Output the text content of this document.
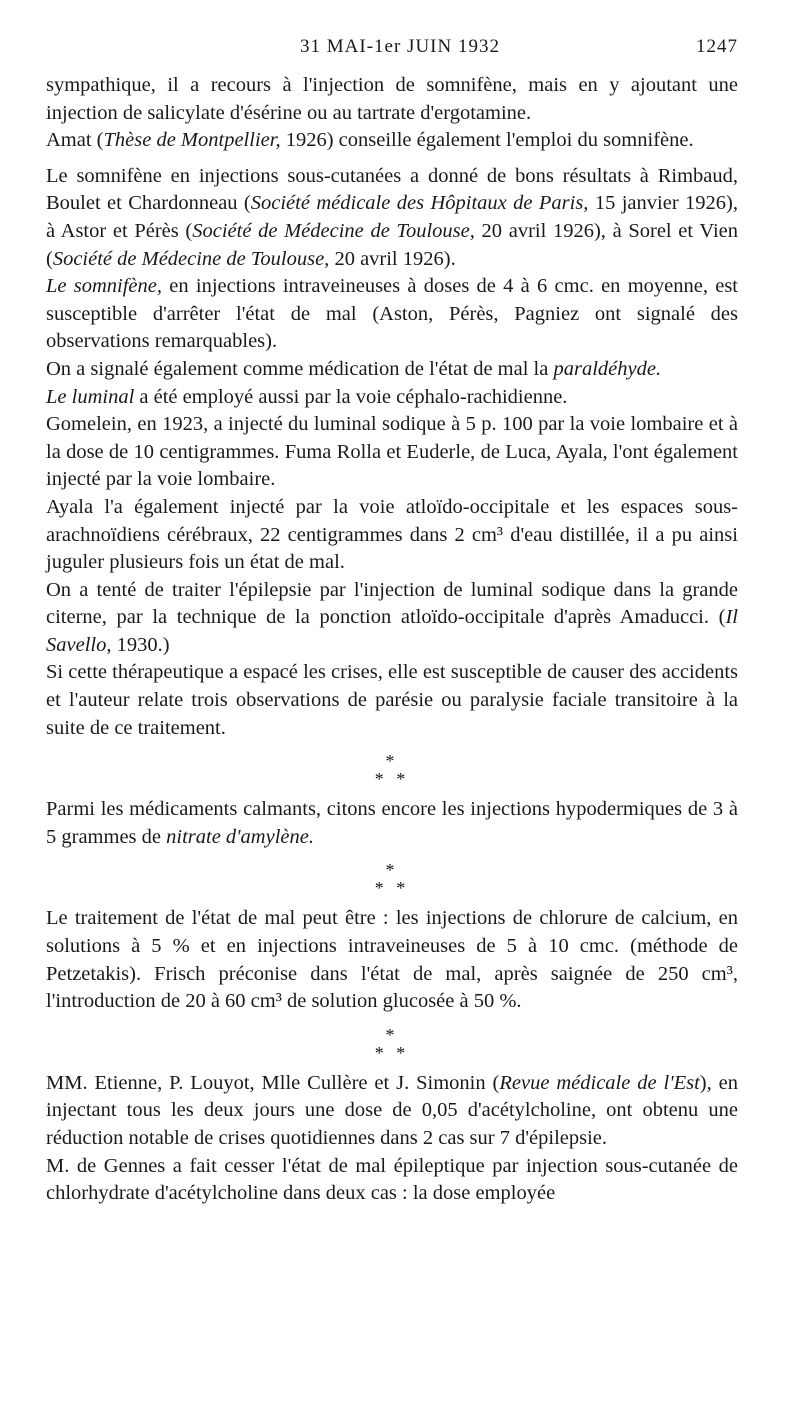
31 MAI-1er JUIN 1932	1247

sympathique, il a recours à l'injection de somnifène, mais en y ajoutant une injection de salicylate d'ésérine ou au tartrate d'ergotamine.

Amat (Thèse de Montpellier, 1926) conseille également l'emploi du somnifène.

Le somnifène en injections sous-cutanées a donné de bons résultats à Rimbaud, Boulet et Chardonneau (Société médicale des Hôpitaux de Paris, 15 janvier 1926), à Astor et Pérès (Société de Médecine de Toulouse, 20 avril 1926), à Sorel et Vien (Société de Médecine de Toulouse, 20 avril 1926).

Le somnifène, en injections intraveineuses à doses de 4 à 6 cmc. en moyenne, est susceptible d'arrêter l'état de mal (Aston, Pérès, Pagniez ont signalé des observations remarquables).

On a signalé également comme médication de l'état de mal la paraldéhyde.

Le luminal a été employé aussi par la voie céphalo-rachidienne.

Gomelein, en 1923, a injecté du luminal sodique à 5 p. 100 par la voie lombaire et à la dose de 10 centigrammes. Fuma Rolla et Euderle, de Luca, Ayala, l'ont également injecté par la voie lombaire.

Ayala l'a également injecté par la voie atloïdo-occipitale et les espaces sous-arachnoïdiens cérébraux, 22 centigrammes dans 2 cm³ d'eau distillée, il a pu ainsi juguler plusieurs fois un état de mal.

On a tenté de traiter l'épilepsie par l'injection de luminal sodique dans la grande citerne, par la technique de la ponction atloïdo-occipitale d'après Amaducci. (Il Savello, 1930.)

Si cette thérapeutique a espacé les crises, elle est susceptible de causer des accidents et l'auteur relate trois observations de parésie ou paralysie faciale transitoire à la suite de ce traitement.

*
* *

Parmi les médicaments calmants, citons encore les injections hypodermiques de 3 à 5 grammes de nitrate d'amylène.

*
* *

Le traitement de l'état de mal peut être : les injections de chlorure de calcium, en solutions à 5 % et en injections intraveineuses de 5 à 10 cmc. (méthode de Petzetakis). Frisch préconise dans l'état de mal, après saignée de 250 cm³, l'introduction de 20 à 60 cm³ de solution glucosée à 50 %.

*
* *

MM. Etienne, P. Louyot, Mlle Cullère et J. Simonin (Revue médicale de l'Est), en injectant tous les deux jours une dose de 0,05 d'acétylcholine, ont obtenu une réduction notable de crises quotidiennes dans 2 cas sur 7 d'épilepsie.

M. de Gennes a fait cesser l'état de mal épileptique par injection sous-cutanée de chlorhydrate d'acétylcholine dans deux cas : la dose employée
